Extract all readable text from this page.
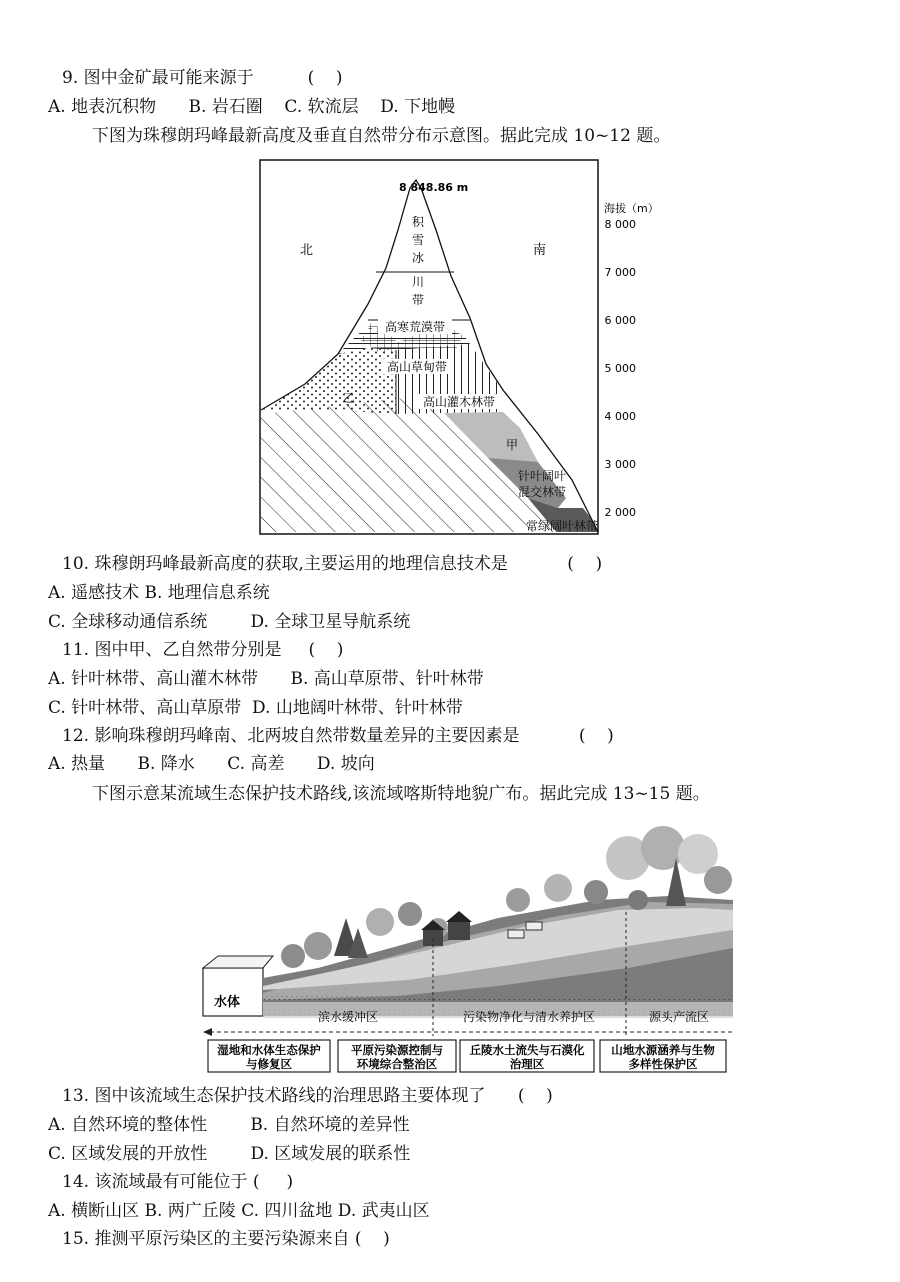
9. 图中金矿最可能来源于          (    )
A. 地表沉积物      B. 岩石圈    C. 软流层    D. 下地幔
下图为珠穆朗玛峰最新高度及垂直自然带分布示意图。据此完成 10~12 题。
8 848.86 m
北	南
积
雪
冰
川
带
高寒荒漠带
高山草甸带
乙	高山灌木林带
甲
针叶阔叶
混交林带
常绿阔叶林带
海拔（m）
8 000
7 000
6 000
5 000
4 000
3 000
2 000
10. 珠穆朗玛峰最新高度的获取,主要运用的地理信息技术是           (    )
A. 遥感技术 B. 地理信息系统
C. 全球移动通信系统        D. 全球卫星导航系统
11. 图中甲、乙自然带分别是     (    )
A. 针叶林带、高山灌木林带      B. 高山草原带、针叶林带
C. 针叶林带、高山草原带  D. 山地阔叶林带、针叶林带
12. 影响珠穆朗玛峰南、北两坡自然带数量差异的主要因素是           (    )
A. 热量      B. 降水      C. 高差      D. 坡向
下图示意某流域生态保护技术路线,该流域喀斯特地貌广布。据此完成 13~15 题。
水体
滨水缓冲区	污染物净化与清水养护区	源头产流区
湿地和水体生态保护
与修复区
平原污染源控制与
环境综合整治区
丘陵水土流失与石漠化
治理区
山地水源涵养与生物
多样性保护区
13. 图中该流域生态保护技术路线的治理思路主要体现了      (    )
A. 自然环境的整体性        B. 自然环境的差异性
C. 区域发展的开放性        D. 区域发展的联系性
14. 该流域最有可能位于 (     )
A. 横断山区 B. 两广丘陵 C. 四川盆地 D. 武夷山区
15. 推测平原污染区的主要污染源来自 (    )
